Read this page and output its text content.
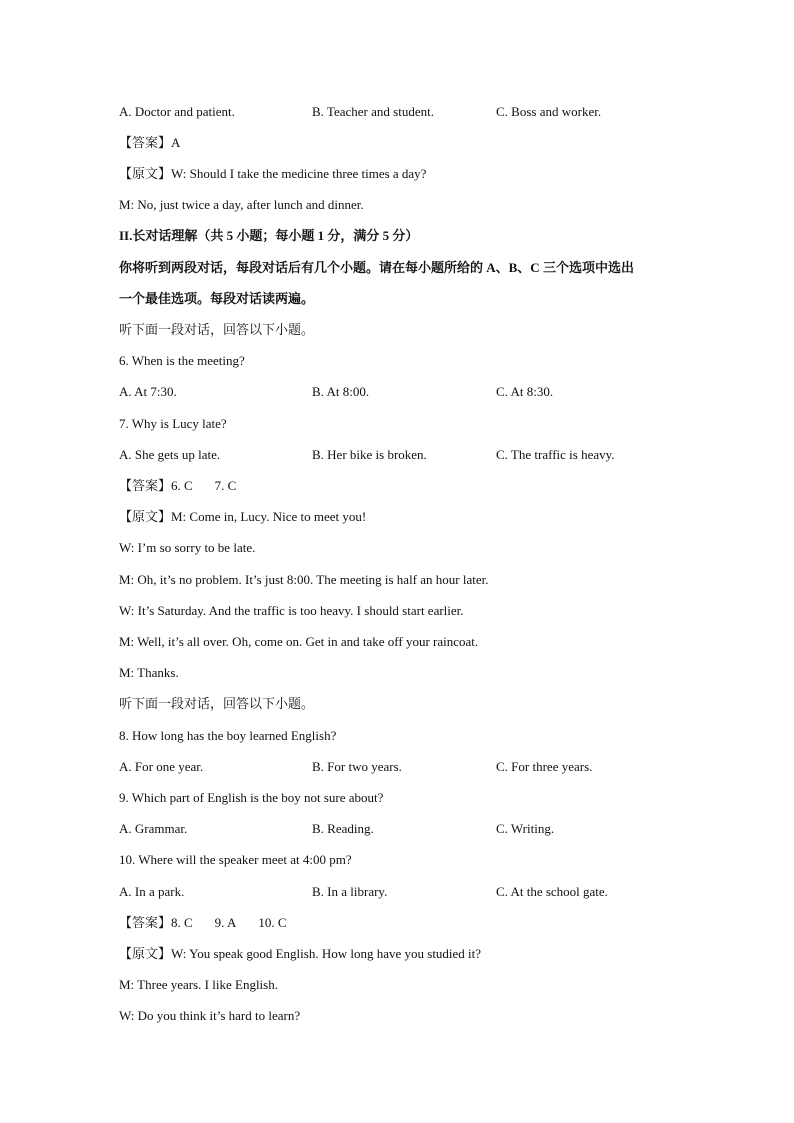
A. Doctor and patient.	B. Teacher and student.	C. Boss and worker.
【答案】A
【原文】W: Should I take the medicine three times a day?
M: No, just twice a day, after lunch and dinner.
II.长对话理解（共 5 小题；每小题 1 分，满分 5 分）
你将听到两段对话，每段对话后有几个小题。请在每小题所给的 A、B、C 三个选项中选出
一个最佳选项。每段对话读两遍。
听下面一段对话，回答以下小题。
6. When is the meeting?
A. At 7:30.	B. At 8:00.	C. At 8:30.
7. Why is Lucy late?
A. She gets up late.	B. Her bike is broken.	C. The traffic is heavy.
【答案】6. C 7. C
【原文】M: Come in, Lucy. Nice to meet you!
W: I’m so sorry to be late.
M: Oh, it’s no problem. It’s just 8:00. The meeting is half an hour later.
W: It’s Saturday. And the traffic is too heavy. I should start earlier.
M: Well, it’s all over. Oh, come on. Get in and take off your raincoat.
M: Thanks.
听下面一段对话，回答以下小题。
8. How long has the boy learned English?
A. For one year.	B. For two years.	C. For three years.
9. Which part of English is the boy not sure about?
A. Grammar.	B. Reading.	C. Writing.
10. Where will the speaker meet at 4:00 pm?
A. In a park.	B. In a library.	C. At the school gate.
【答案】8. C 9. A 10. C
【原文】W: You speak good English. How long have you studied it?
M: Three years. I like English.
W: Do you think it’s hard to learn?
